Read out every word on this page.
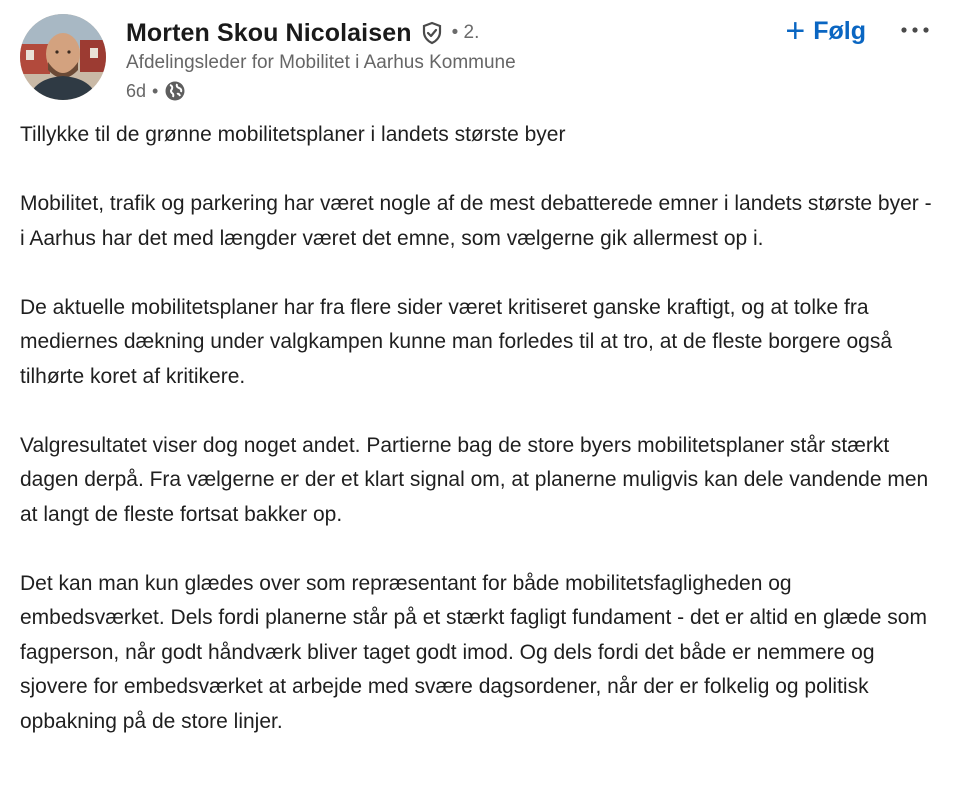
Morten Skou Nicolaisen • 2.
Afdelingsleder for Mobilitet i Aarhus Kommune
6d •
+ Følg

Tillykke til de grønne mobilitetsplaner i landets største byer

Mobilitet, trafik og parkering har været nogle af de mest debatterede emner i landets største byer - i Aarhus har det med længder været det emne, som vælgerne gik allermest op i.

De aktuelle mobilitetsplaner har fra flere sider været kritiseret ganske kraftigt, og at tolke fra mediernes dækning under valgkampen kunne man forledes til at tro, at de fleste borgere også tilhørte koret af kritikere.

Valgresultatet viser dog noget andet. Partierne bag de store byers mobilitetsplaner står stærkt dagen derpå. Fra vælgerne er der et klart signal om, at planerne muligvis kan dele vandende men at langt de fleste fortsat bakker op.

Det kan man kun glædes over som repræsentant for både mobilitetsfagligheden og embedsværket. Dels fordi planerne står på et stærkt fagligt fundament - det er altid en glæde som fagperson, når godt håndværk bliver taget godt imod. Og dels fordi det både er nemmere og sjovere for embedsværket at arbejde med svære dagsordener, når der er folkelig og politisk opbakning på de store linjer.
